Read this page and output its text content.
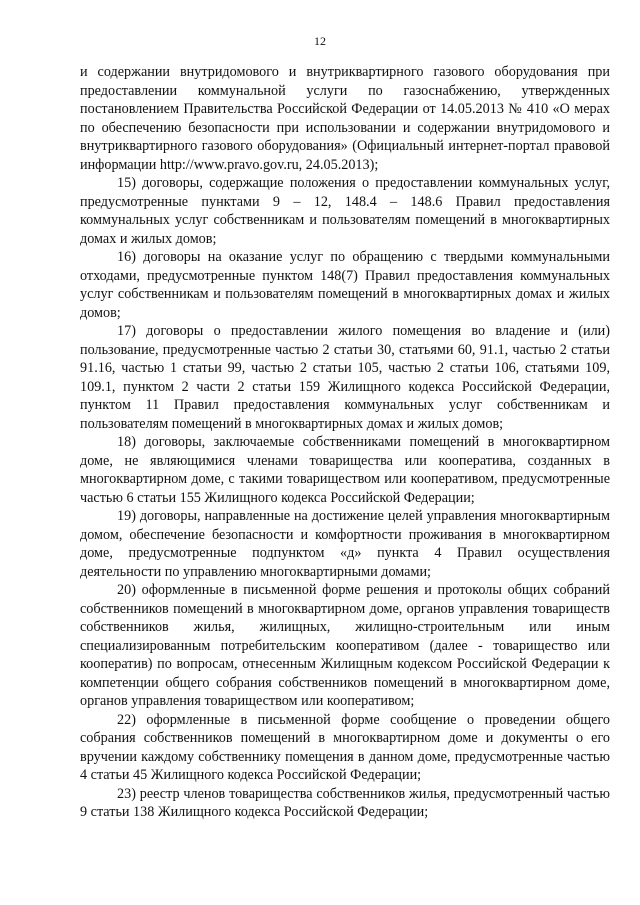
12

и содержании внутридомового и внутриквартирного газового оборудования при предоставлении коммунальной услуги по газоснабжению, утвержденных постановлением Правительства Российской Федерации от 14.05.2013 № 410 «О мерах по обеспечению безопасности при использовании и содержании внутридомового и внутриквартирного газового оборудования» (Официальный интернет-портал правовой информации http://www.pravo.gov.ru, 24.05.2013);

15) договоры, содержащие положения о предоставлении коммунальных услуг, предусмотренные пунктами 9 – 12, 148.4 – 148.6 Правил предоставления коммунальных услуг собственникам и пользователям помещений в многоквартирных домах и жилых домов;

16) договоры на оказание услуг по обращению с твердыми коммунальными отходами, предусмотренные пунктом 148(7) Правил предоставления коммунальных услуг собственникам и пользователям помещений в многоквартирных домах и жилых домов;

17) договоры о предоставлении жилого помещения во владение и (или) пользование, предусмотренные частью 2 статьи 30, статьями 60, 91.1, частью 2 статьи 91.16, частью 1 статьи 99, частью 2 статьи 105, частью 2 статьи 106, статьями 109, 109.1, пунктом 2 части 2 статьи 159 Жилищного кодекса Российской Федерации, пунктом 11 Правил предоставления коммунальных услуг собственникам и пользователям помещений в многоквартирных домах и жилых домов;

18) договоры, заключаемые собственниками помещений в многоквартирном доме, не являющимися членами товарищества или кооператива, созданных в многоквартирном доме, с такими товариществом или кооперативом, предусмотренные частью 6 статьи 155 Жилищного кодекса Российской Федерации;

19) договоры, направленные на достижение целей управления многоквартирным домом, обеспечение безопасности и комфортности проживания в многоквартирном доме, предусмотренные подпунктом «д» пункта 4 Правил осуществления деятельности по управлению многоквартирными домами;

20) оформленные в письменной форме решения и протоколы общих собраний собственников помещений в многоквартирном доме, органов управления товариществ собственников жилья, жилищных, жилищно-строительным или иным специализированным потребительским кооперативом (далее - товарищество или кооператив) по вопросам, отнесенным Жилищным кодексом Российской Федерации к компетенции общего собрания собственников помещений в многоквартирном доме, органов управления товариществом или кооперативом;

22) оформленные в письменной форме сообщение о проведении общего собрания собственников помещений в многоквартирном доме и документы о его вручении каждому собственнику помещения в данном доме, предусмотренные частью 4 статьи 45 Жилищного кодекса Российской Федерации;

23) реестр членов товарищества собственников жилья, предусмотренный частью 9 статьи 138 Жилищного кодекса Российской Федерации;
